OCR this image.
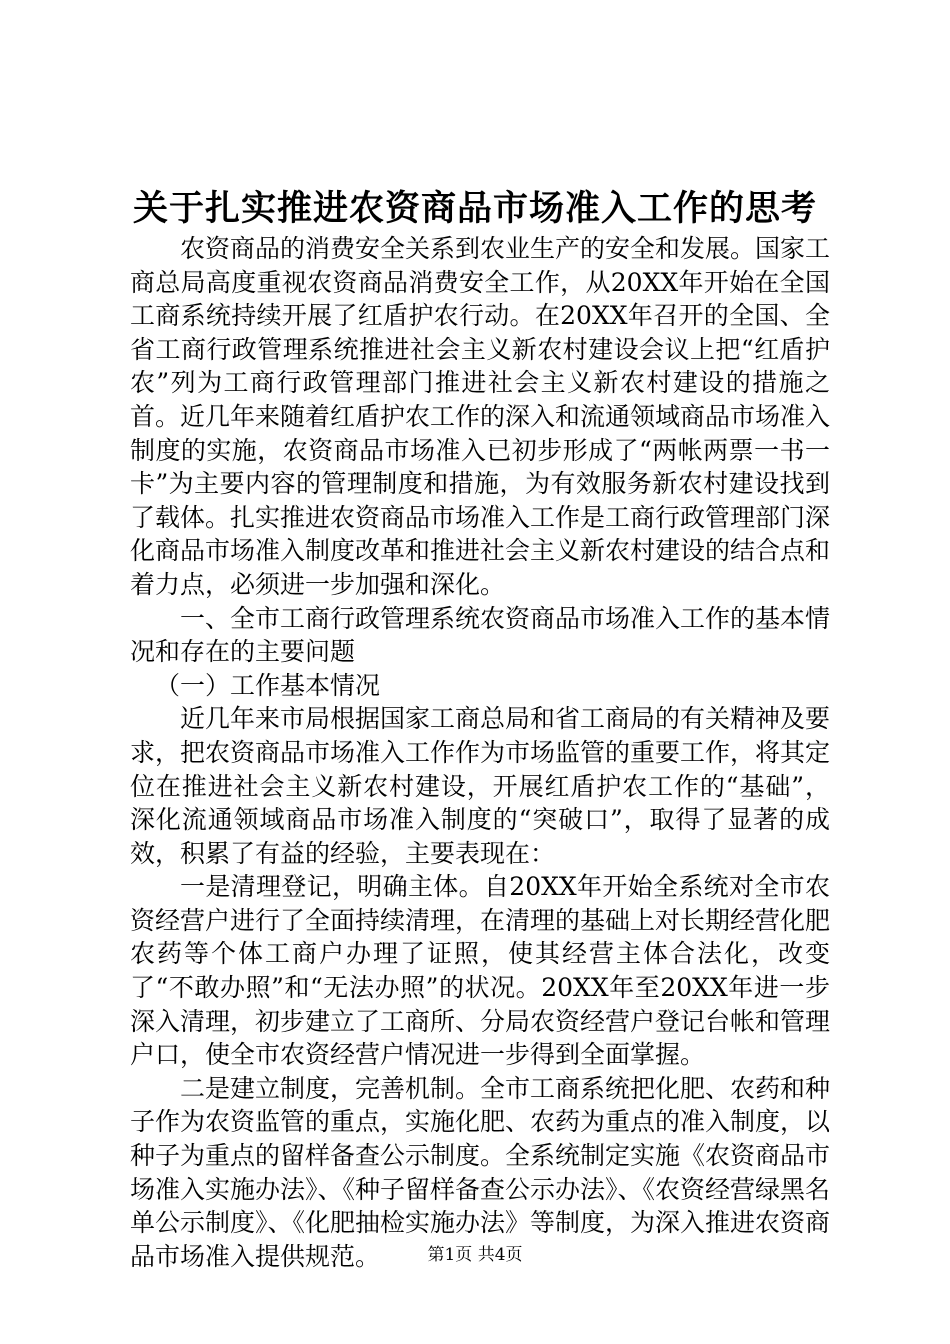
关于扎实推进农资商品市场准入工作的思考

农资商品的消费安全关系到农业生产的安全和发展。国家工商总局高度重视农资商品消费安全工作，从20XX年开始在全国工商系统持续开展了红盾护农行动。在20XX年召开的全国、全省工商行政管理系统推进社会主义新农村建设会议上把“红盾护农”列为工商行政管理部门推进社会主义新农村建设的措施之首。近几年来随着红盾护农工作的深入和流通领域商品市场准入制度的实施，农资商品市场准入已初步形成了“两帐两票一书一卡”为主要内容的管理制度和措施，为有效服务新农村建设找到了载体。扎实推进农资商品市场准入工作是工商行政管理部门深化商品市场准入制度改革和推进社会主义新农村建设的结合点和着力点，必须进一步加强和深化。

一、全市工商行政管理系统农资商品市场准入工作的基本情况和存在的主要问题

（一）工作基本情况

近几年来市局根据国家工商总局和省工商局的有关精神及要求，把农资商品市场准入工作作为市场监管的重要工作，将其定位在推进社会主义新农村建设，开展红盾护农工作的“基础”，深化流通领域商品市场准入制度的“突破口”，取得了显著的成效，积累了有益的经验，主要表现在：

一是清理登记，明确主体。自20XX年开始全系统对全市农资经营户进行了全面持续清理，在清理的基础上对长期经营化肥农药等个体工商户办理了证照，使其经营主体合法化，改变了“不敢办照”和“无法办照”的状况。20XX年至20XX年进一步深入清理，初步建立了工商所、分局农资经营户登记台帐和管理户口，使全市农资经营户情况进一步得到全面掌握。

二是建立制度，完善机制。全市工商系统把化肥、农药和种子作为农资监管的重点，实施化肥、农药为重点的准入制度，以种子为重点的留样备查公示制度。全系统制定实施《农资商品市场准入实施办法》、《种子留样备查公示办法》、《农资经营绿黑名单公示制度》、《化肥抽检实施办法》等制度，为深入推进农资商品市场准入提供规范。	第1页 共4页
